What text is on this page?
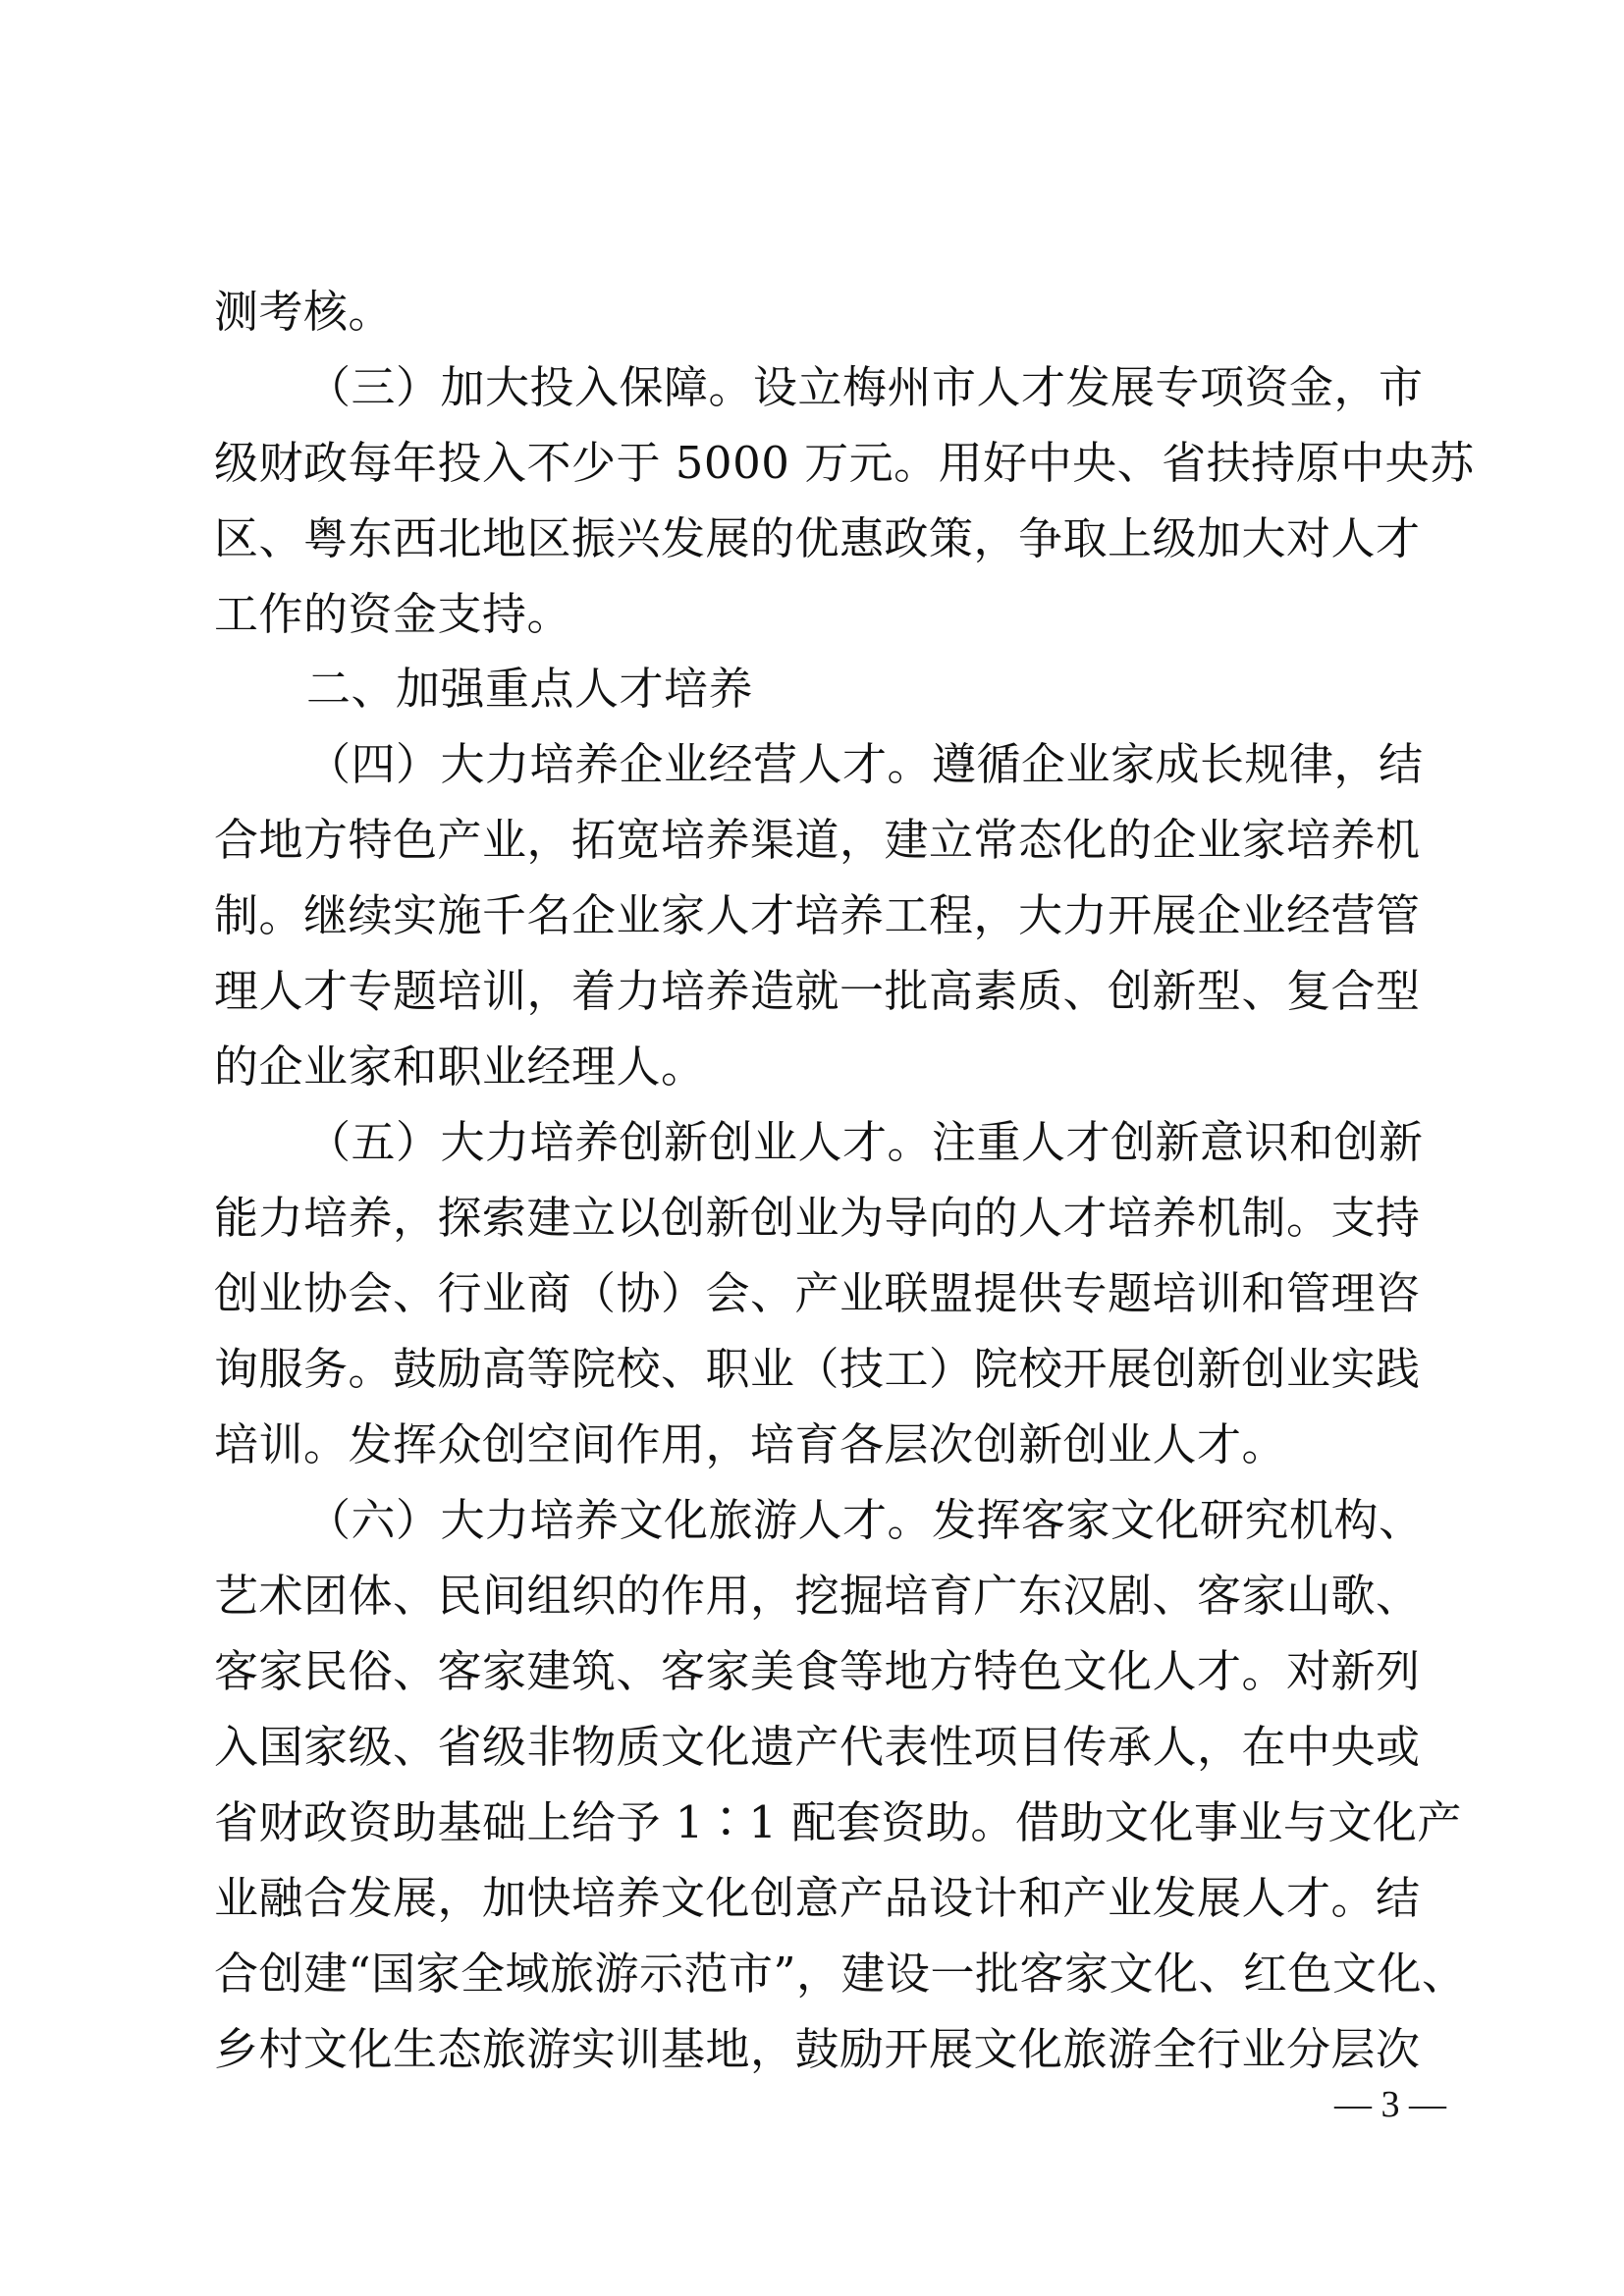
测考核。
（三）加大投入保障。设立梅州市人才发展专项资金，市
级财政每年投入不少于 5000 万元。用好中央、省扶持原中央苏
区、粤东西北地区振兴发展的优惠政策，争取上级加大对人才
工作的资金支持。
二、加强重点人才培养
（四）大力培养企业经营人才。遵循企业家成长规律，结
合地方特色产业，拓宽培养渠道，建立常态化的企业家培养机
制。继续实施千名企业家人才培养工程，大力开展企业经营管
理人才专题培训，着力培养造就一批高素质、创新型、复合型
的企业家和职业经理人。
（五）大力培养创新创业人才。注重人才创新意识和创新
能力培养，探索建立以创新创业为导向的人才培养机制。支持
创业协会、行业商（协）会、产业联盟提供专题培训和管理咨
询服务。鼓励高等院校、职业（技工）院校开展创新创业实践
培训。发挥众创空间作用，培育各层次创新创业人才。
（六）大力培养文化旅游人才。发挥客家文化研究机构、
艺术团体、民间组织的作用，挖掘培育广东汉剧、客家山歌、
客家民俗、客家建筑、客家美食等地方特色文化人才。对新列
入国家级、省级非物质文化遗产代表性项目传承人，在中央或
省财政资助基础上给予 1∶1 配套资助。借助文化事业与文化产
业融合发展，加快培养文化创意产品设计和产业发展人才。结
合创建“国家全域旅游示范市”，建设一批客家文化、红色文化、
乡村文化生态旅游实训基地，鼓励开展文化旅游全行业分层次
— 3 —
